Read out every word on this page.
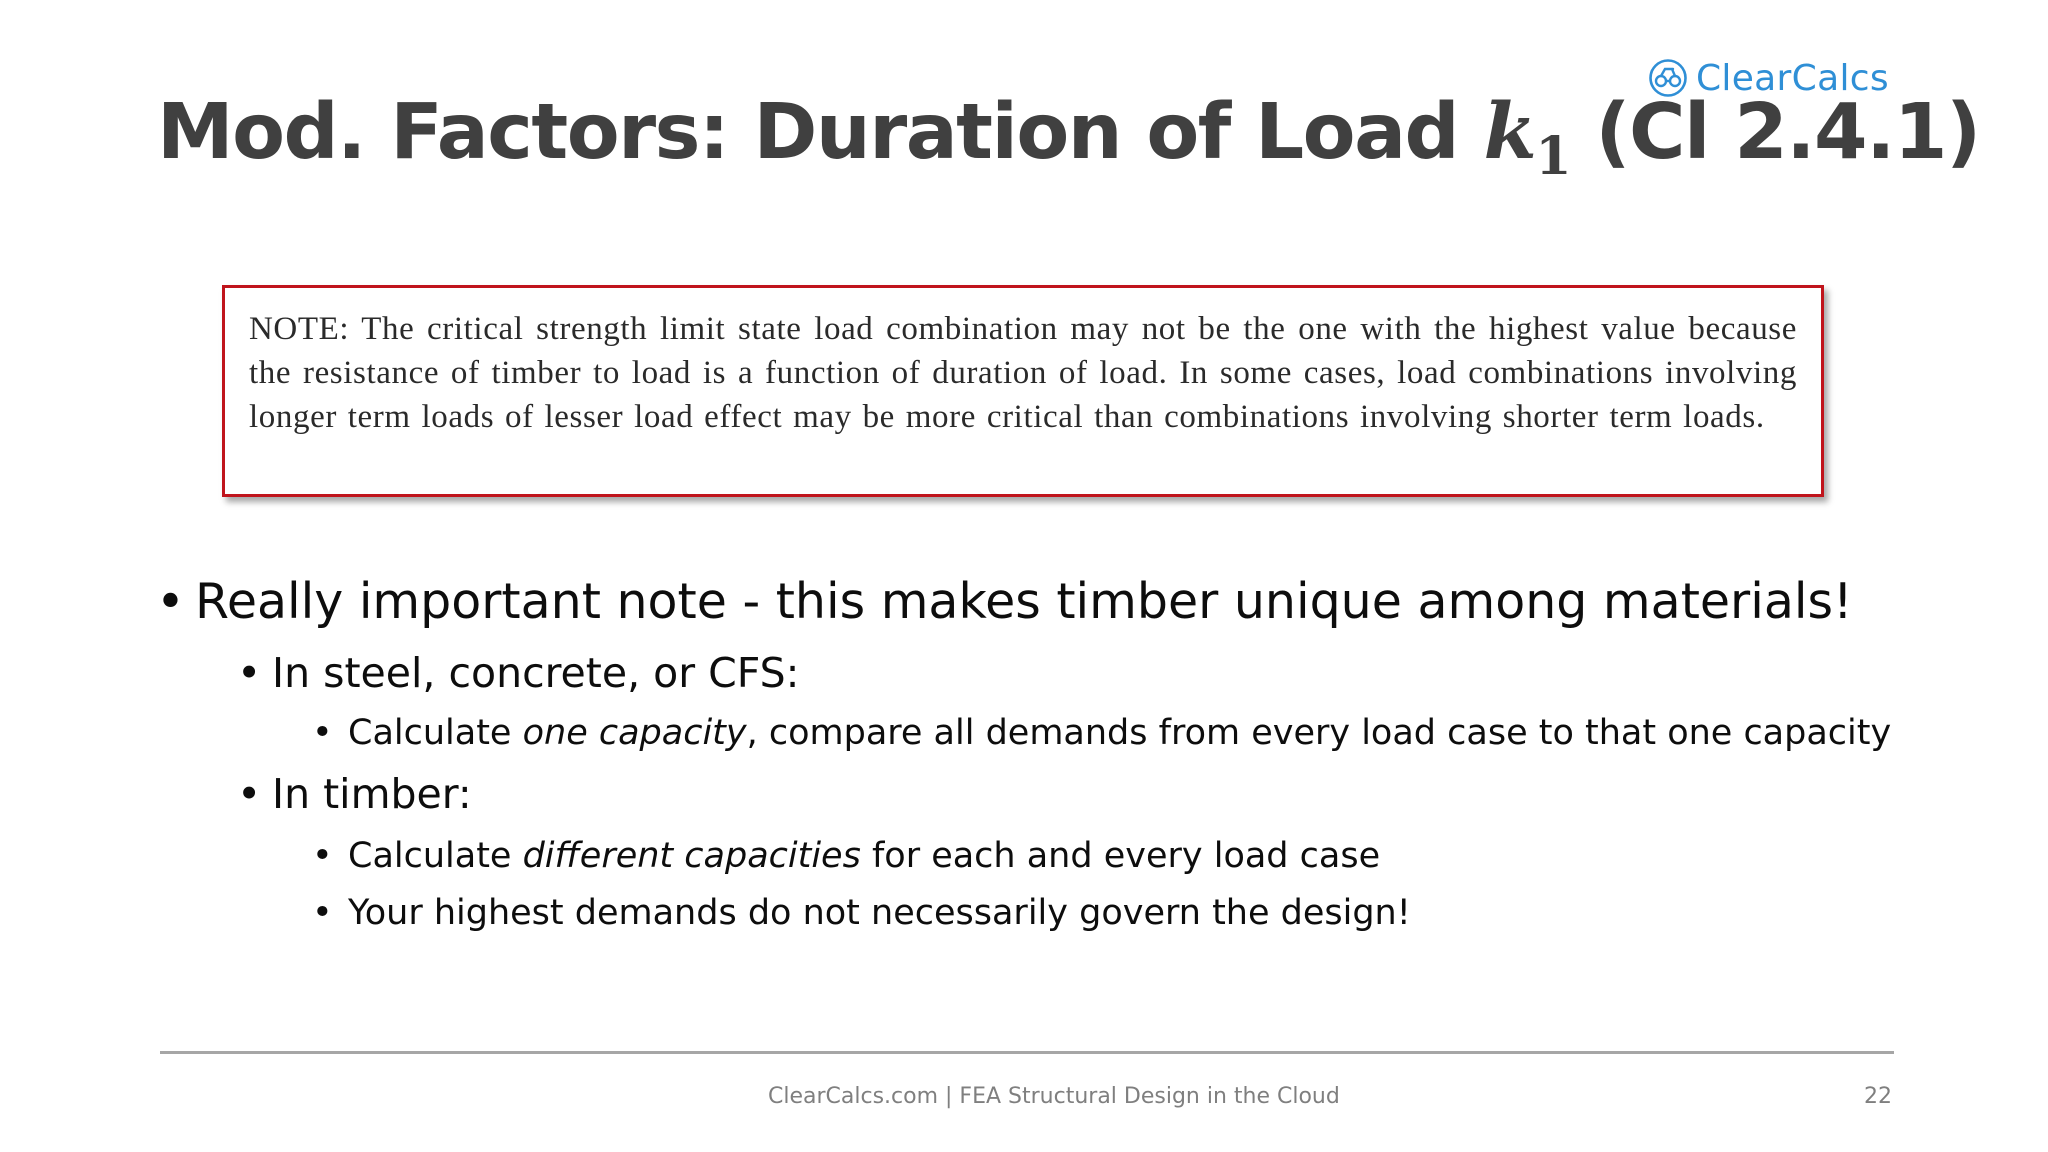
ClearCalcs
Mod. Factors: Duration of Load $k_1$ (Cl 2.4.1)

NOTE: The critical strength limit state load combination may not be the one with the highest value because the resistance of timber to load is a function of duration of load. In some cases, load combinations involving longer term loads of lesser load effect may be more critical than combinations involving shorter term loads.

• Really important note - this makes timber unique among materials!
• In steel, concrete, or CFS:
• Calculate one capacity, compare all demands from every load case to that one capacity
• In timber:
• Calculate different capacities for each and every load case
• Your highest demands do not necessarily govern the design!
ClearCalcs.com | FEA Structural Design in the Cloud	22
